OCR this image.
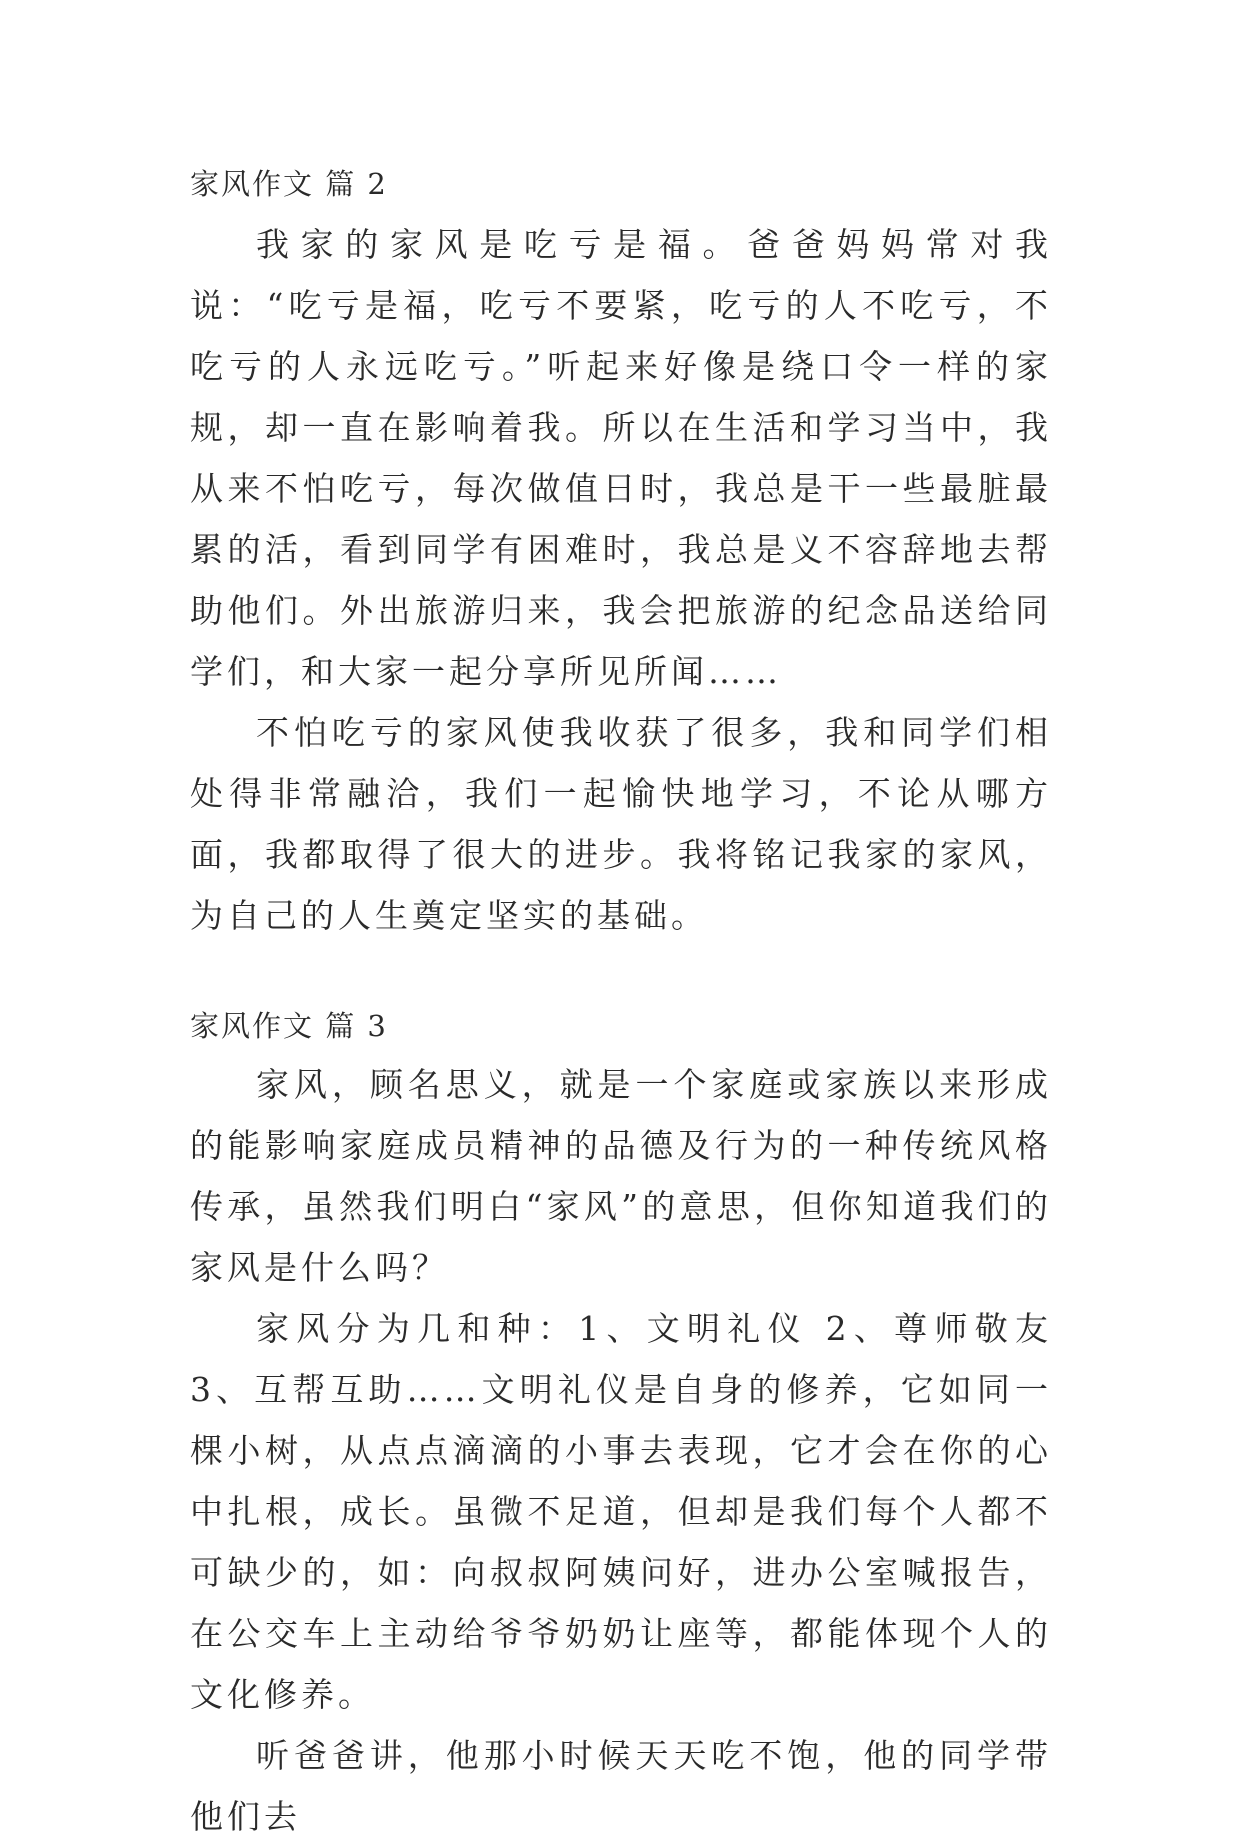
家风作文 篇 2

我家的家风是吃亏是福。爸爸妈妈常对我说：“吃亏是福，吃亏不要紧，吃亏的人不吃亏，不吃亏的人永远吃亏。”听起来好像是绕口令一样的家规，却一直在影响着我。所以在生活和学习当中，我从来不怕吃亏，每次做值日时，我总是干一些最脏最累的活，看到同学有困难时，我总是义不容辞地去帮助他们。外出旅游归来，我会把旅游的纪念品送给同学们，和大家一起分享所见所闻……

不怕吃亏的家风使我收获了很多，我和同学们相处得非常融洽，我们一起愉快地学习，不论从哪方面，我都取得了很大的进步。我将铭记我家的家风，为自己的人生奠定坚实的基础。

家风作文 篇 3

家风，顾名思义，就是一个家庭或家族以来形成的能影响家庭成员精神的品德及行为的一种传统风格传承，虽然我们明白“家风”的意思，但你知道我们的家风是什么吗？

家风分为几和种：1、文明礼仪 2、尊师敬友 3、互帮互助……文明礼仪是自身的修养，它如同一棵小树，从点点滴滴的小事去表现，它才会在你的心中扎根，成长。虽微不足道，但却是我们每个人都不可缺少的，如：向叔叔阿姨问好，进办公室喊报告，在公交车上主动给爷爷奶奶让座等，都能体现个人的文化修养。

听爸爸讲，他那小时候天天吃不饱，他的同学带他们去
